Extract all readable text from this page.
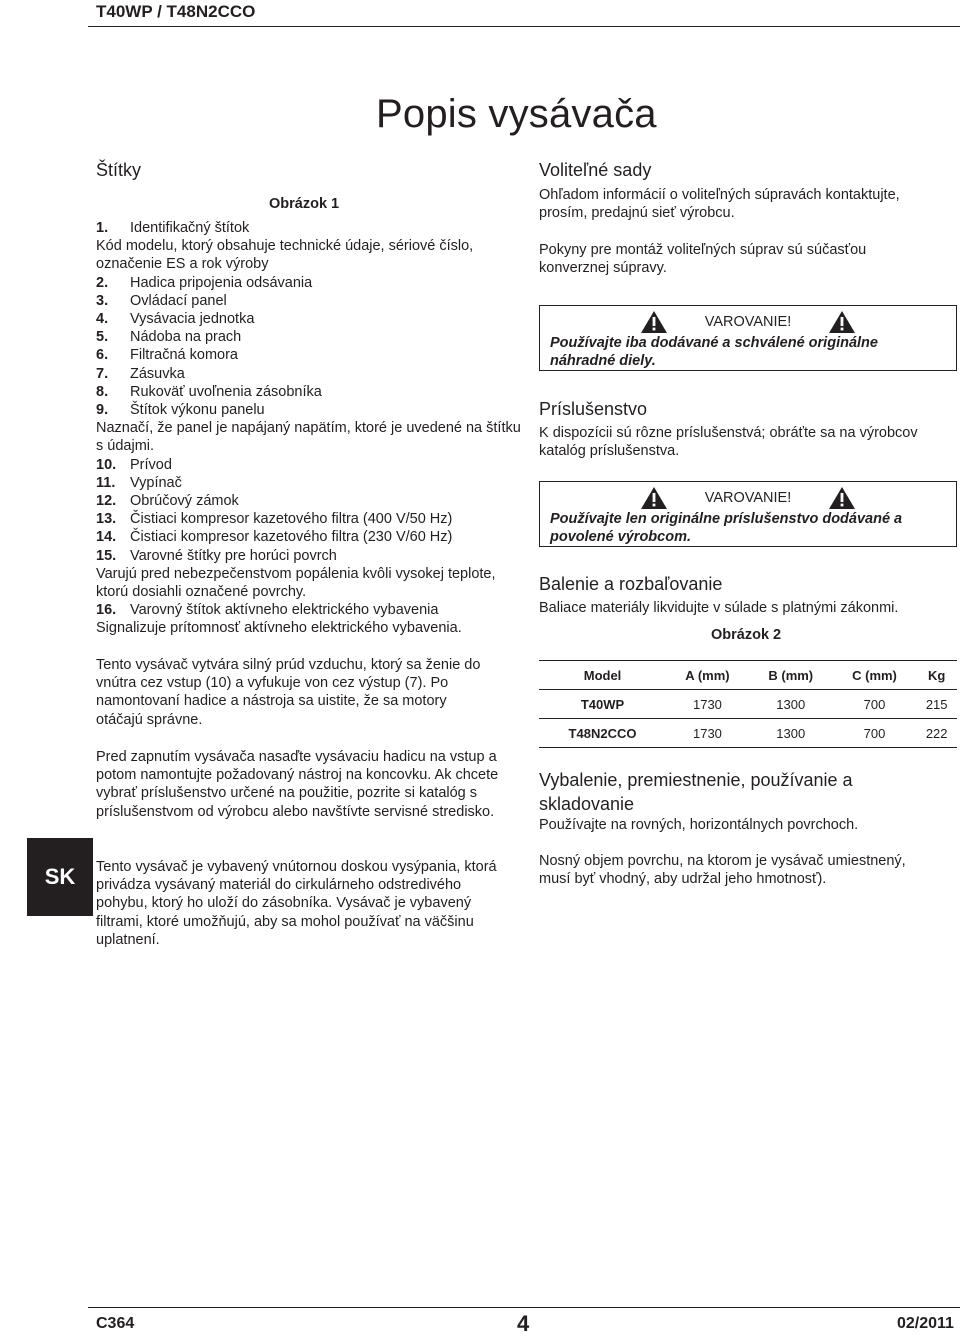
T40WP / T48N2CCO
Popis vysávača
Štítky
Obrázok 1
1.	Identifikačný štítok
Kód modelu, ktorý obsahuje technické údaje, sériové číslo, označenie ES a rok výroby
2.	Hadica pripojenia odsávania
3.	Ovládací panel
4.	Vysávacia jednotka
5.	Nádoba na prach
6.	Filtračná komora
7.	Zásuvka
8.	Rukoväť uvoľnenia zásobníka
9.	Štítok výkonu panelu
Naznačí, že panel je napájaný napätím, ktoré je uvedené na štítku s údajmi.
10. Prívod
11.	Vypínač
12. Obrúčový zámok
13. Čistiaci kompresor kazetového filtra (400 V/50 Hz)
14. Čistiaci kompresor kazetového filtra (230 V/60 Hz)
15. Varovné štítky pre horúci povrch
Varujú pred nebezpečenstvom popálenia kvôli vysokej teplote, ktorú dosiahli označené povrchy.
16. Varovný štítok aktívneho elektrického vybavenia
Signalizuje prítomnosť aktívneho elektrického vybavenia.
Tento vysávač vytvára silný prúd vzduchu, ktorý sa ženie do vnútra cez vstup (10) a vyfukuje von cez výstup (7). Po namontovaní hadice a nástroja sa uistite, že sa motory otáčajú správne.
Pred zapnutím vysávača nasaďte vysávaciu hadicu na vstup a potom namontujte požadovaný nástroj na koncovku. Ak chcete vybrať príslušenstvo určené na použitie, pozrite si katalóg s príslušenstvom od výrobcu alebo navštívte servisné stredisko.
Tento vysávač je vybavený vnútornou doskou vysýpania, ktorá privádza vysávaný materiál do cirkulárneho odstredivého pohybu, ktorý ho uloží do zásobníka. Vysávač je vybavený filtrami, ktoré umožňujú, aby sa mohol používať na väčšinu uplatnení.
SK
Voliteľné sady
Ohľadom informácií o voliteľných súpravách kontaktujte, prosím, predajnú sieť výrobcu.
Pokyny pre montáž voliteľných súprav sú súčasťou konverznej súpravy.
VAROVANIE!
Používajte iba dodávané a schválené originálne náhradné diely.
Príslušenstvo
K dispozícii sú rôzne príslušenstvá; obráťte sa na výrobcov katalóg príslušenstva.
VAROVANIE!
Používajte len originálne príslušenstvo dodávané a povolené výrobcom.
Balenie a rozbaľovanie
Baliace materiály likvidujte v súlade s platnými zákonmi.
Obrázok 2
Model	A (mm)	B (mm)	C (mm)	Kg
T40WP	1730	1300	700	215
T48N2CCO	1730	1300	700	222
Vybalenie, premiestnenie, používanie a skladovanie
Používajte na rovných, horizontálnych povrchoch.
Nosný objem povrchu, na ktorom je vysávač umiestnený, musí byť vhodný, aby udržal jeho hmotnosť).
C364	4	02/2011
